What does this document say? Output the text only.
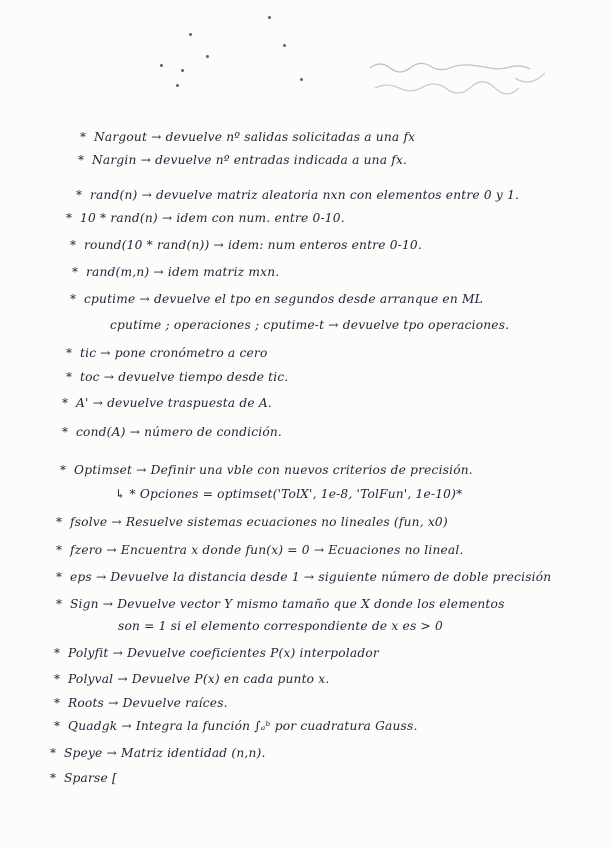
* Nargout → devuelve nº salidas solicitadas a una fx
* Nargin → devuelve nº entradas indicada a una fx.
* rand(n) → devuelve matriz aleatoria nxn con elementos entre 0 y 1.
* 10 * rand(n) → idem con num. entre 0-10.
* round(10 * rand(n)) → idem: num enteros entre 0-10.
* rand(m,n) → idem matriz mxn.
* cputime → devuelve el tpo en segundos desde arranque en ML
cputime ; operaciones ; cputime-t → devuelve tpo operaciones.
* tic → pone cronómetro a cero
* toc → devuelve tiempo desde tic.
* A' → devuelve traspuesta de A.
* cond(A) → número de condición.
* Optimset → Definir una vble con nuevos criterios de precisión.
↳ * Opciones = optimset('TolX', 1e-8, 'TolFun', 1e-10)*
* fsolve → Resuelve sistemas ecuaciones no lineales (fun, x0)
* fzero → Encuentra x donde fun(x) = 0 → Ecuaciones no lineal.
* eps → Devuelve la distancia desde 1 → siguiente número de doble precisión
* Sign → Devuelve vector Y mismo tamaño que X donde los elementos
son = 1 si el elemento correspondiente de x es > 0
* Polyfit → Devuelve coeficientes P(x) interpolador
* Polyval → Devuelve P(x) en cada punto x.
* Roots → Devuelve raíces.
* Quadgk → Integra la función ∫ₐᵇ por cuadratura Gauss.
* Speye → Matriz identidad (n,n).
* Sparse [
